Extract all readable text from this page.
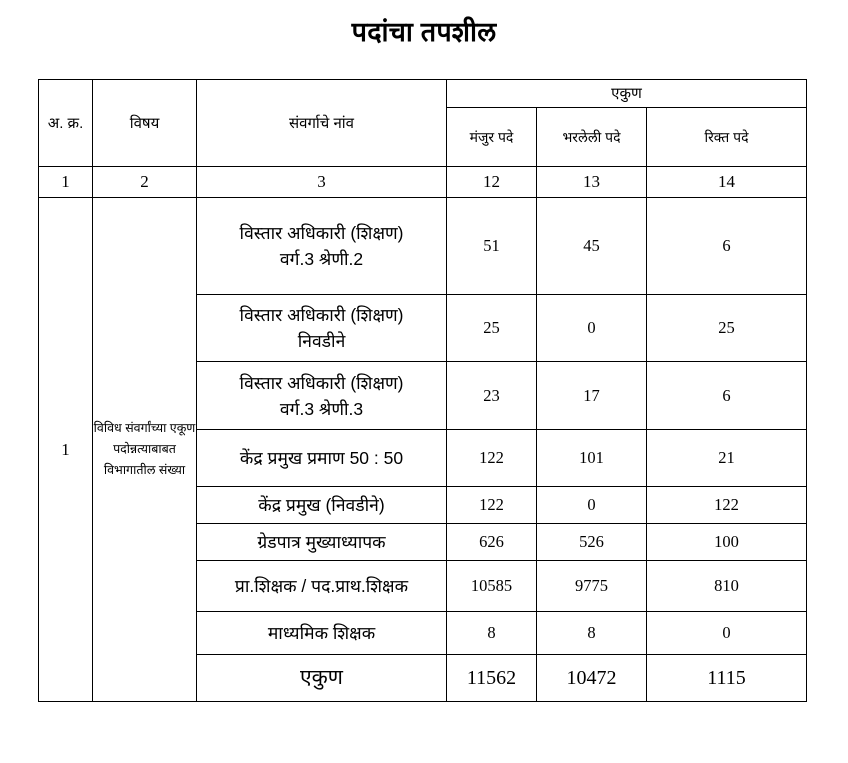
पदांचा तपशील
अ. क्र.	विषय	संवर्गाचे नांव	एकुण		
			मंजुर पदे	भरलेली पदे	रिक्त पदे
1	2	3	12	13	14
1	विविध संवर्गांच्या एकूण पदोन्नत्याबाबत विभागातील संख्या	विस्तार अधिकारी (शिक्षण)
वर्ग.3 श्रेणी.2	51	45	6

		विस्तार अधिकारी (शिक्षण)
निवडीने	25	0	25

		विस्तार अधिकारी (शिक्षण)
वर्ग.3 श्रेणी.3	23	17	6
		केंद्र प्रमुख प्रमाण 50 : 50	122	101	21
		केंद्र प्रमुख (निवडीने)	122	0	122
		ग्रेडपात्र मुख्याध्यापक	626	526	100
		प्रा.शिक्षक / पद.प्राथ.शिक्षक	10585	9775	810
		माध्यमिक शिक्षक	8	8	0
		एकुण	11562	10472	1115
